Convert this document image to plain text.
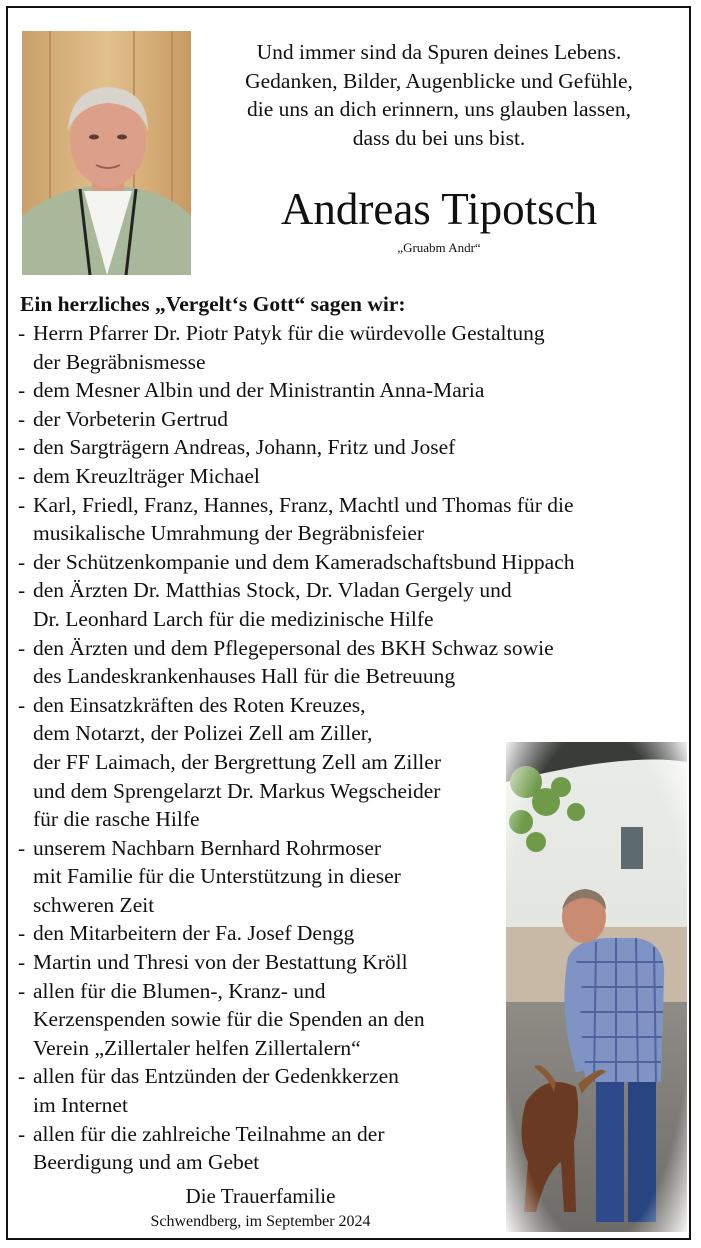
Und immer sind da Spuren deines Lebens.
Gedanken, Bilder, Augenblicke und Gefühle,
die uns an dich erinnern, uns glauben lassen,
dass du bei uns bist.
Andreas Tipotsch
„Gruabm Andr“
Ein herzliches „Vergelt‘s Gott“ sagen wir:
- Herrn Pfarrer Dr. Piotr Patyk für die würdevolle Gestaltung
der Begräbnismesse
- dem Mesner Albin und der Ministrantin Anna-Maria
- der Vorbeterin Gertrud
- den Sargträgern Andreas, Johann, Fritz und Josef
- dem Kreuzlträger Michael
- Karl, Friedl, Franz, Hannes, Franz, Machtl und Thomas für die
musikalische Umrahmung der Begräbnisfeier
- der Schützenkompanie und dem Kameradschaftsbund Hippach
- den Ärzten Dr. Matthias Stock, Dr. Vladan Gergely und
Dr. Leonhard Larch für die medizinische Hilfe
- den Ärzten und dem Pflegepersonal des BKH Schwaz sowie
des Landeskrankenhauses Hall für die Betreuung
- den Einsatzkräften des Roten Kreuzes,
dem Notarzt, der Polizei Zell am Ziller,
der FF Laimach, der Bergrettung Zell am Ziller
und dem Sprengelarzt Dr. Markus Wegscheider
für die rasche Hilfe
- unserem Nachbarn Bernhard Rohrmoser
mit Familie für die Unterstützung in dieser
schweren Zeit
- den Mitarbeitern der Fa. Josef Dengg
- Martin und Thresi von der Bestattung Kröll
- allen für die Blumen-, Kranz- und
Kerzenspenden sowie für die Spenden an den
Verein „Zillertaler helfen Zillertalern“
- allen für das Entzünden der Gedenkkerzen
im Internet
- allen für die zahlreiche Teilnahme an der
Beerdigung und am Gebet
Die Trauerfamilie
Schwendberg, im September 2024
